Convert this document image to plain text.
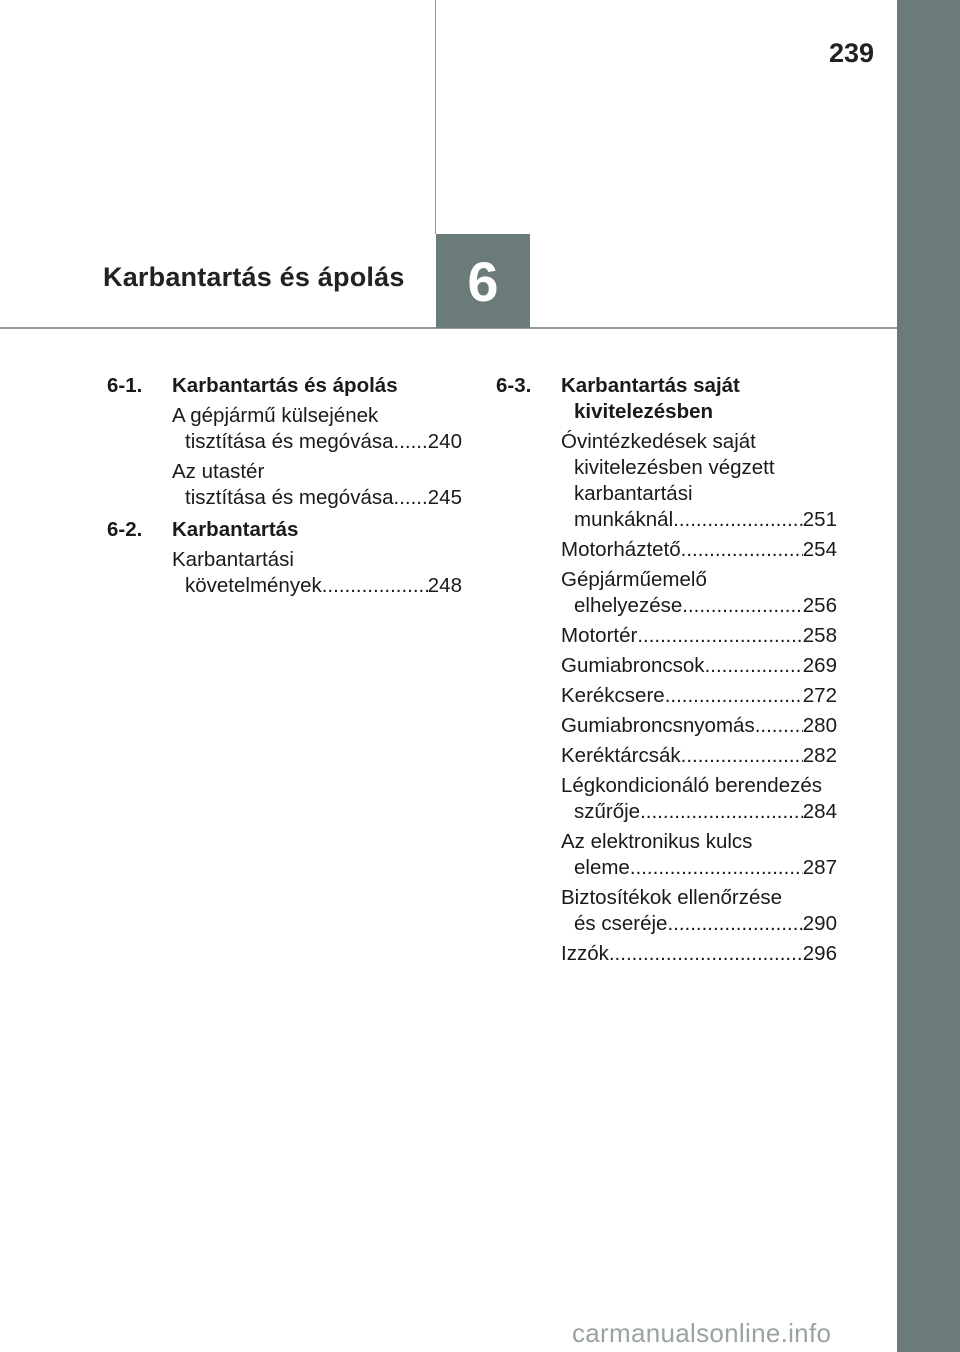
6
239
Karbantartás és ápolás
6-1.	Karbantartás és ápolás
A gépjármű külsejének
tisztítása és megóvása ..... 240
Az utastér
tisztítása és megóvása ..... 245
6-2.	Karbantartás
Karbantartási
követelmények .....	248
6-3.	Karbantartás saját
kivitelezésben
Óvintézkedések saját
kivitelezésben végzett
karbantartási
munkáknál .....	251
Motorháztető .....	254
Gépjárműemelő
elhelyezése .....	256
Motortér .....	258
Gumiabroncsok .....	269
Kerékcsere .....	272
Gumiabroncsnyomás ..... 280
Keréktárcsák .....	282
Légkondicionáló berendezés
szűrője .....	284
Az elektronikus kulcs
eleme .....	287
Biztosítékok ellenőrzése
és cseréje .....	290
Izzók .....	296
carmanualsonline.info
